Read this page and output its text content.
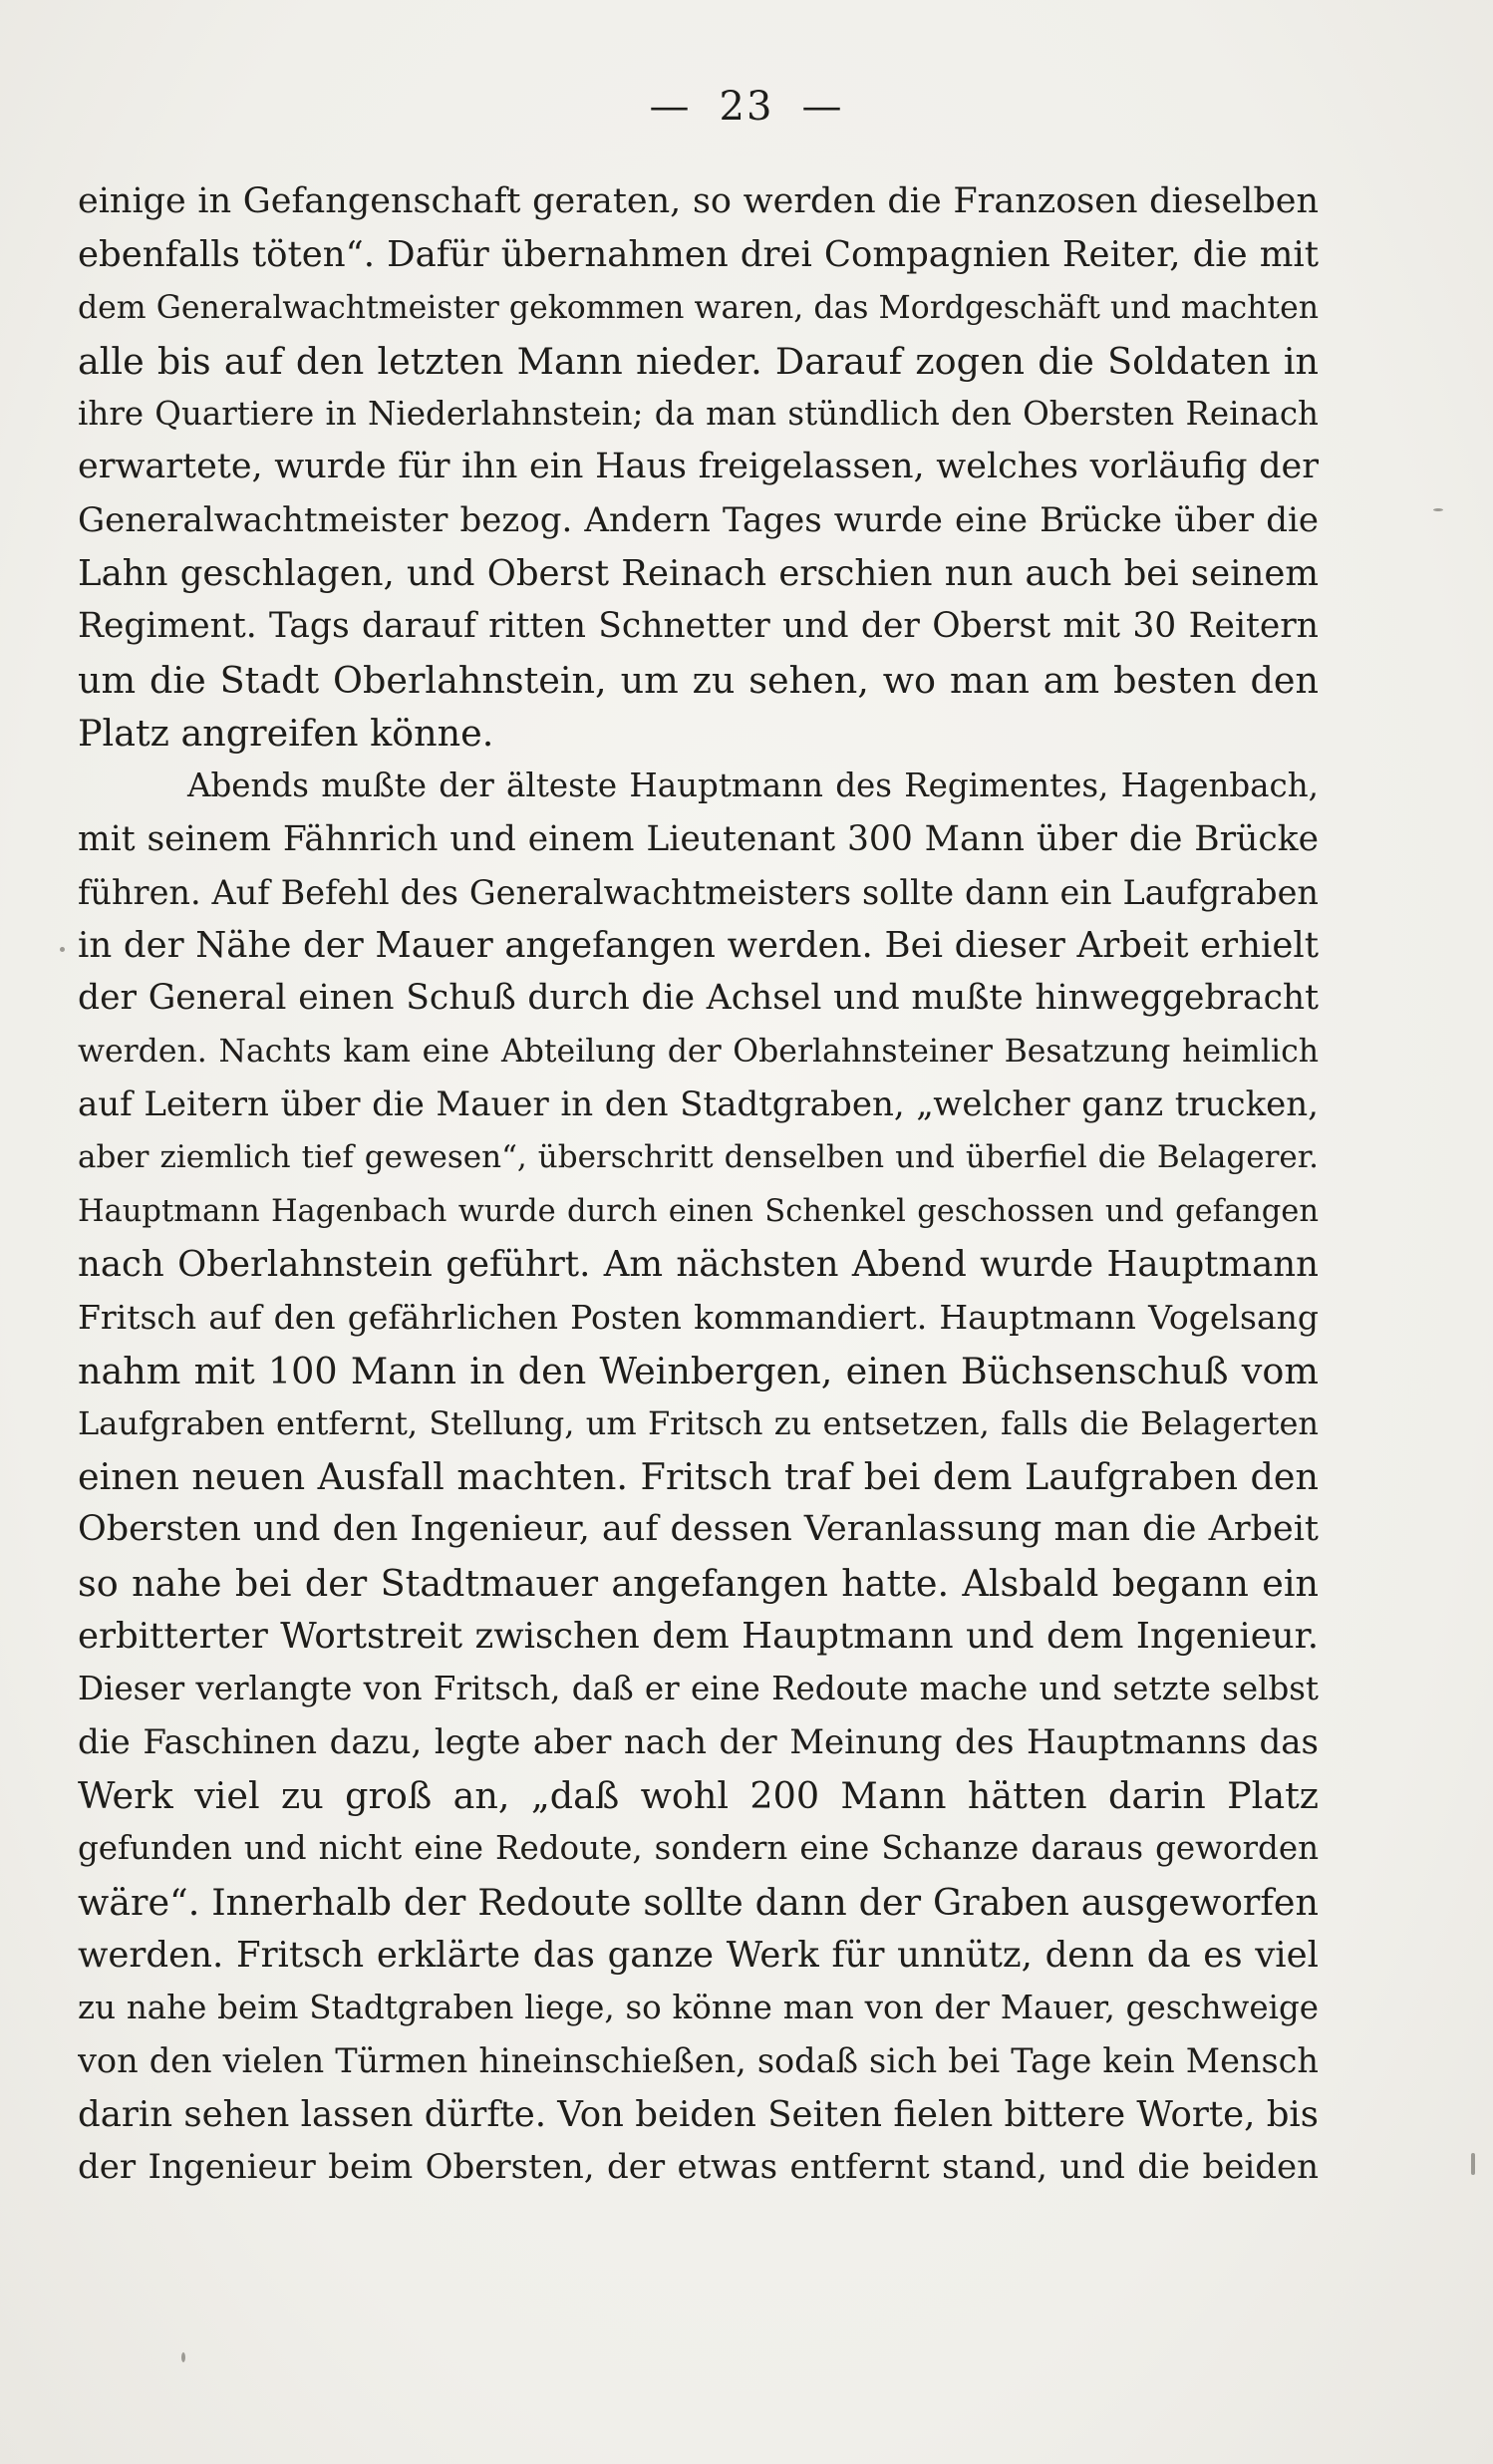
— 23 —
einige in Gefangenschaft geraten, so werden die Franzosen dieselben
ebenfalls töten“. Dafür übernahmen drei Compagnien Reiter, die mit
dem Generalwachtmeister gekommen waren, das Mordgeschäft und machten
alle bis auf den letzten Mann nieder. Darauf zogen die Soldaten in
ihre Quartiere in Niederlahnstein; da man stündlich den Obersten Reinach
erwartete, wurde für ihn ein Haus freigelassen, welches vorläufig der
Generalwachtmeister bezog. Andern Tages wurde eine Brücke über die
Lahn geschlagen, und Oberst Reinach erschien nun auch bei seinem
Regiment. Tags darauf ritten Schnetter und der Oberst mit 30 Reitern
um die Stadt Oberlahnstein, um zu sehen, wo man am besten den
Platz angreifen könne.
Abends mußte der älteste Hauptmann des Regimentes, Hagenbach,
mit seinem Fähnrich und einem Lieutenant 300 Mann über die Brücke
führen. Auf Befehl des Generalwachtmeisters sollte dann ein Laufgraben
in der Nähe der Mauer angefangen werden. Bei dieser Arbeit erhielt
der General einen Schuß durch die Achsel und mußte hinweggebracht
werden. Nachts kam eine Abteilung der Oberlahnsteiner Besatzung heimlich
auf Leitern über die Mauer in den Stadtgraben, „welcher ganz trucken,
aber ziemlich tief gewesen“, überschritt denselben und überfiel die Belagerer.
Hauptmann Hagenbach wurde durch einen Schenkel geschossen und gefangen
nach Oberlahnstein geführt. Am nächsten Abend wurde Hauptmann
Fritsch auf den gefährlichen Posten kommandiert. Hauptmann Vogelsang
nahm mit 100 Mann in den Weinbergen, einen Büchsenschuß vom
Laufgraben entfernt, Stellung, um Fritsch zu entsetzen, falls die Belagerten
einen neuen Ausfall machten. Fritsch traf bei dem Laufgraben den
Obersten und den Ingenieur, auf dessen Veranlassung man die Arbeit
so nahe bei der Stadtmauer angefangen hatte. Alsbald begann ein
erbitterter Wortstreit zwischen dem Hauptmann und dem Ingenieur.
Dieser verlangte von Fritsch, daß er eine Redoute mache und setzte selbst
die Faschinen dazu, legte aber nach der Meinung des Hauptmanns das
Werk viel zu groß an, „daß wohl 200 Mann hätten darin Platz
gefunden und nicht eine Redoute, sondern eine Schanze daraus geworden
wäre“. Innerhalb der Redoute sollte dann der Graben ausgeworfen
werden. Fritsch erklärte das ganze Werk für unnütz, denn da es viel
zu nahe beim Stadtgraben liege, so könne man von der Mauer, geschweige
von den vielen Türmen hineinschießen, sodaß sich bei Tage kein Mensch
darin sehen lassen dürfte. Von beiden Seiten fielen bittere Worte, bis
der Ingenieur beim Obersten, der etwas entfernt stand, und die beiden
